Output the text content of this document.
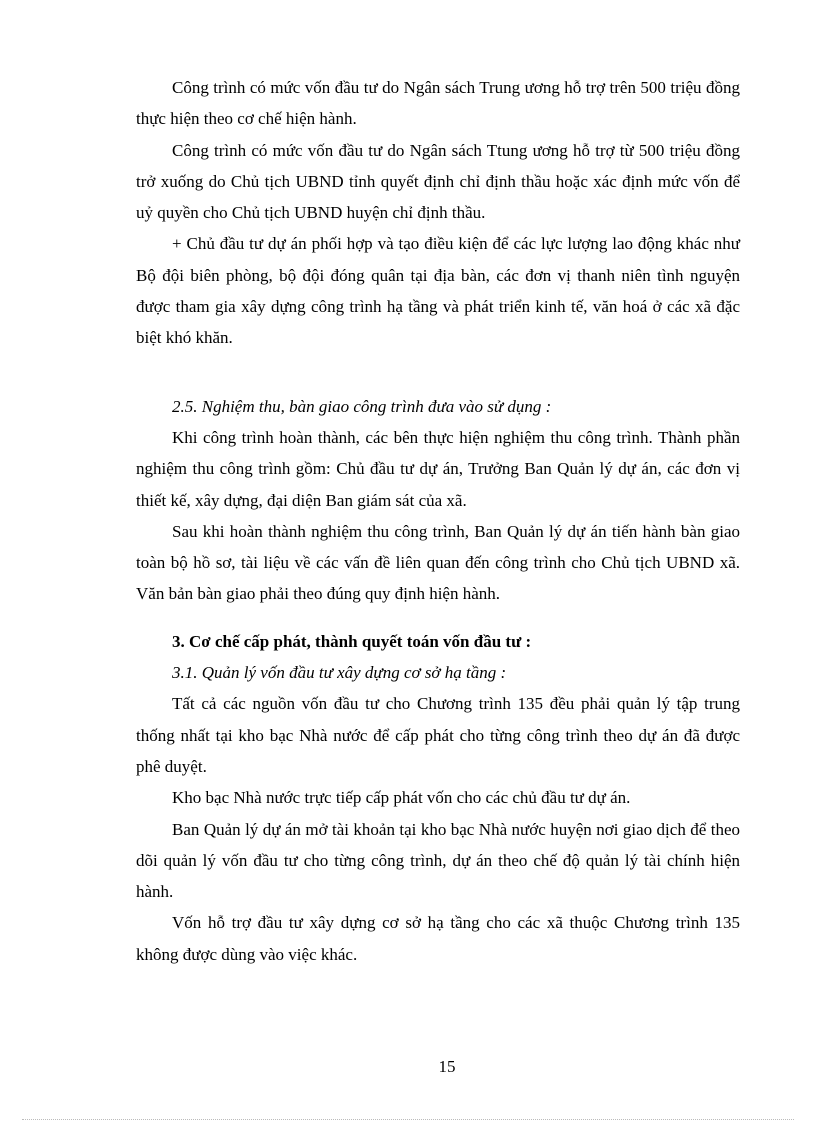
Công trình có mức vốn đầu tư do Ngân sách Trung ương hỗ trợ trên 500 triệu đồng thực hiện theo cơ chế hiện hành.

Công trình có mức vốn đầu tư do Ngân sách Ttung ương hỗ trợ từ 500 triệu đồng trở xuống do Chủ tịch UBND tỉnh quyết định chỉ định thầu hoặc xác định mức vốn để uỷ quyền cho Chủ tịch UBND huyện chỉ định thầu.

+ Chủ đầu tư dự án phối hợp và tạo điều kiện để các lực lượng lao động khác như Bộ đội biên phòng, bộ đội đóng quân tại địa bàn, các đơn vị thanh niên tình nguyện được tham gia xây dựng công trình hạ tầng và phát triển kinh tế, văn hoá ở các xã đặc biệt khó khăn.

2.5. Nghiệm thu, bàn giao công trình đưa vào sử dụng :

Khi công trình hoàn thành, các bên thực hiện nghiệm thu công trình. Thành phần nghiệm thu công trình gồm: Chủ đầu tư dự án, Trưởng Ban Quản lý dự án, các đơn vị thiết kế, xây dựng, đại diện Ban giám sát của xã.

Sau khi hoàn thành nghiệm thu công trình, Ban Quản lý dự án tiến hành bàn giao toàn bộ hồ sơ, tài liệu về các vấn đề liên quan đến công trình cho Chủ tịch UBND xã. Văn bản bàn giao phải theo đúng quy định hiện hành.

3. Cơ chế cấp phát, thành quyết toán vốn đầu tư :

3.1. Quản lý vốn đầu tư xây dựng cơ sở hạ tầng :

Tất cả các nguồn vốn đầu tư cho Chương trình 135 đều phải quản lý tập trung thống nhất tại kho bạc Nhà nước để cấp phát cho từng công trình theo dự án đã được phê duyệt.

Kho bạc Nhà nước trực tiếp cấp phát vốn cho các chủ đầu tư dự án.

Ban Quản lý dự án mở tài khoản tại kho bạc Nhà nước huyện nơi giao dịch để theo dõi quản lý vốn đầu tư cho từng công trình, dự án theo chế độ quản lý tài chính hiện hành.

Vốn hỗ trợ đầu tư xây dựng cơ sở hạ tầng cho các xã thuộc Chương trình 135 không được dùng vào việc khác.

15
